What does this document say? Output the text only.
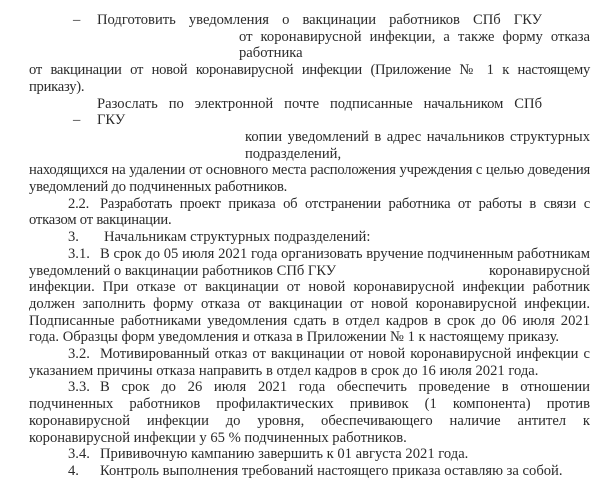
– Подготовить уведомления о вакцинации работников СПб ГКУ

от коронавирусной инфекции, а также форму отказа работника

от вакцинации от новой коронавирусной инфекции (Приложение № 1 к настоящему приказу).

–Разослать по электронной почте подписанные начальником СПб ГКУ

копии уведомлений в адрес начальников структурных подразделений,

находящихся на удалении от основного места расположения учреждения с целью доведения уведомлений до подчиненных работников.

2.2. Разработать проект приказа об отстранении работника от работы в связи с отказом от вакцинации.

3. Начальникам структурных подразделений:

3.1. В срок до 05 июля 2021 года организовать вручение подчиненным работникам

уведомлений о вакцинации работников СПб ГКУ	коронавирусной

инфекции. При отказе от вакцинации от новой коронавирусной инфекции работник должен заполнить форму отказа от вакцинации от новой коронавирусной инфекции. Подписанные работниками уведомления сдать в отдел кадров в срок до 06 июля 2021 года. Образцы форм уведомления и отказа в Приложении № 1 к настоящему приказу.

3.2. Мотивированный отказ от вакцинации от новой коронавирусной инфекции с указанием причины отказа направить в отдел кадров в срок до 16 июля 2021 года.

3.3. В срок до 26 июля 2021 года обеспечить проведение в отношении подчиненных работников профилактических прививок (1 компонента) против коронавирусной инфекции до уровня, обеспечивающего наличие антител к коронавирусной инфекции у 65 % подчиненных работников.

3.4. Прививочную кампанию завершить к 01 августа 2021 года.

4. Контроль выполнения требований настоящего приказа оставляю за собой.
